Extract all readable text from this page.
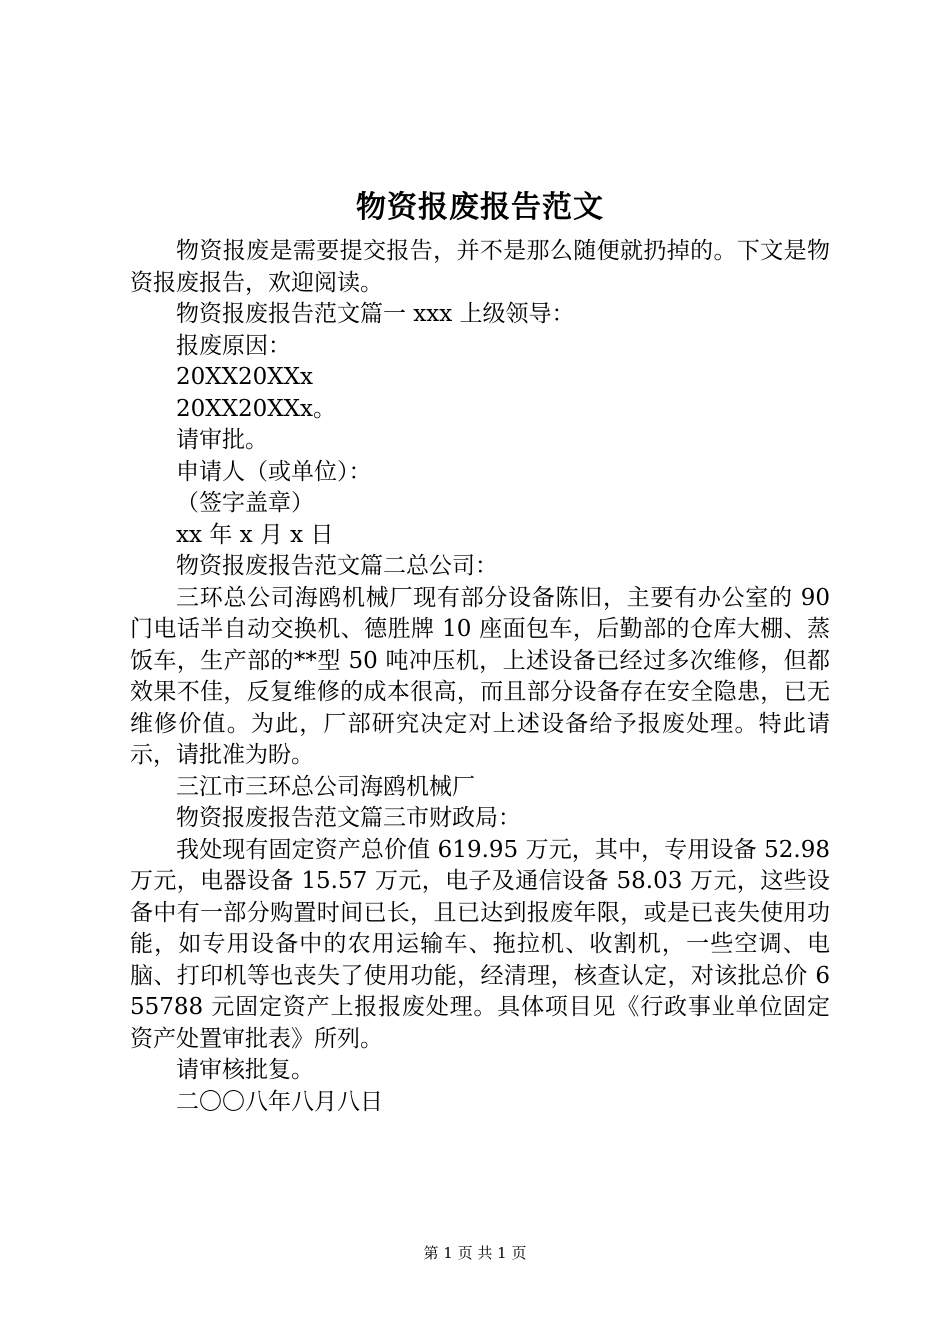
物资报废报告范文

物资报废是需要提交报告，并不是那么随便就扔掉的。下文是物资报废报告，欢迎阅读。

物资报废报告范文篇一 xxx 上级领导：

报废原因：

20XX20XXx

20XX20XXx。

请审批。

申请人（或单位）：

（签字盖章）

xx 年 x 月 x 日

物资报废报告范文篇二总公司：

三环总公司海鸥机械厂现有部分设备陈旧，主要有办公室的 90 门电话半自动交换机、德胜牌 10 座面包车，后勤部的仓库大棚、蒸饭车，生产部的**型 50 吨冲压机，上述设备已经过多次维修，但都效果不佳，反复维修的成本很高，而且部分设备存在安全隐患，已无维修价值。为此，厂部研究决定对上述设备给予报废处理。特此请示，请批准为盼。

三江市三环总公司海鸥机械厂

物资报废报告范文篇三市财政局：

我处现有固定资产总价值 619.95 万元，其中，专用设备 52.98 万元，电器设备 15.57 万元，电子及通信设备 58.03 万元，这些设备中有一部分购置时间已长，且已达到报废年限，或是已丧失使用功能，如专用设备中的农用运输车、拖拉机、收割机，一些空调、电脑、打印机等也丧失了使用功能，经清理，核查认定，对该批总价 655788 元固定资产上报报废处理。具体项目见《行政事业单位固定资产处置审批表》所列。

请审核批复。

二〇〇八年八月八日

第 1 页 共 1 页
